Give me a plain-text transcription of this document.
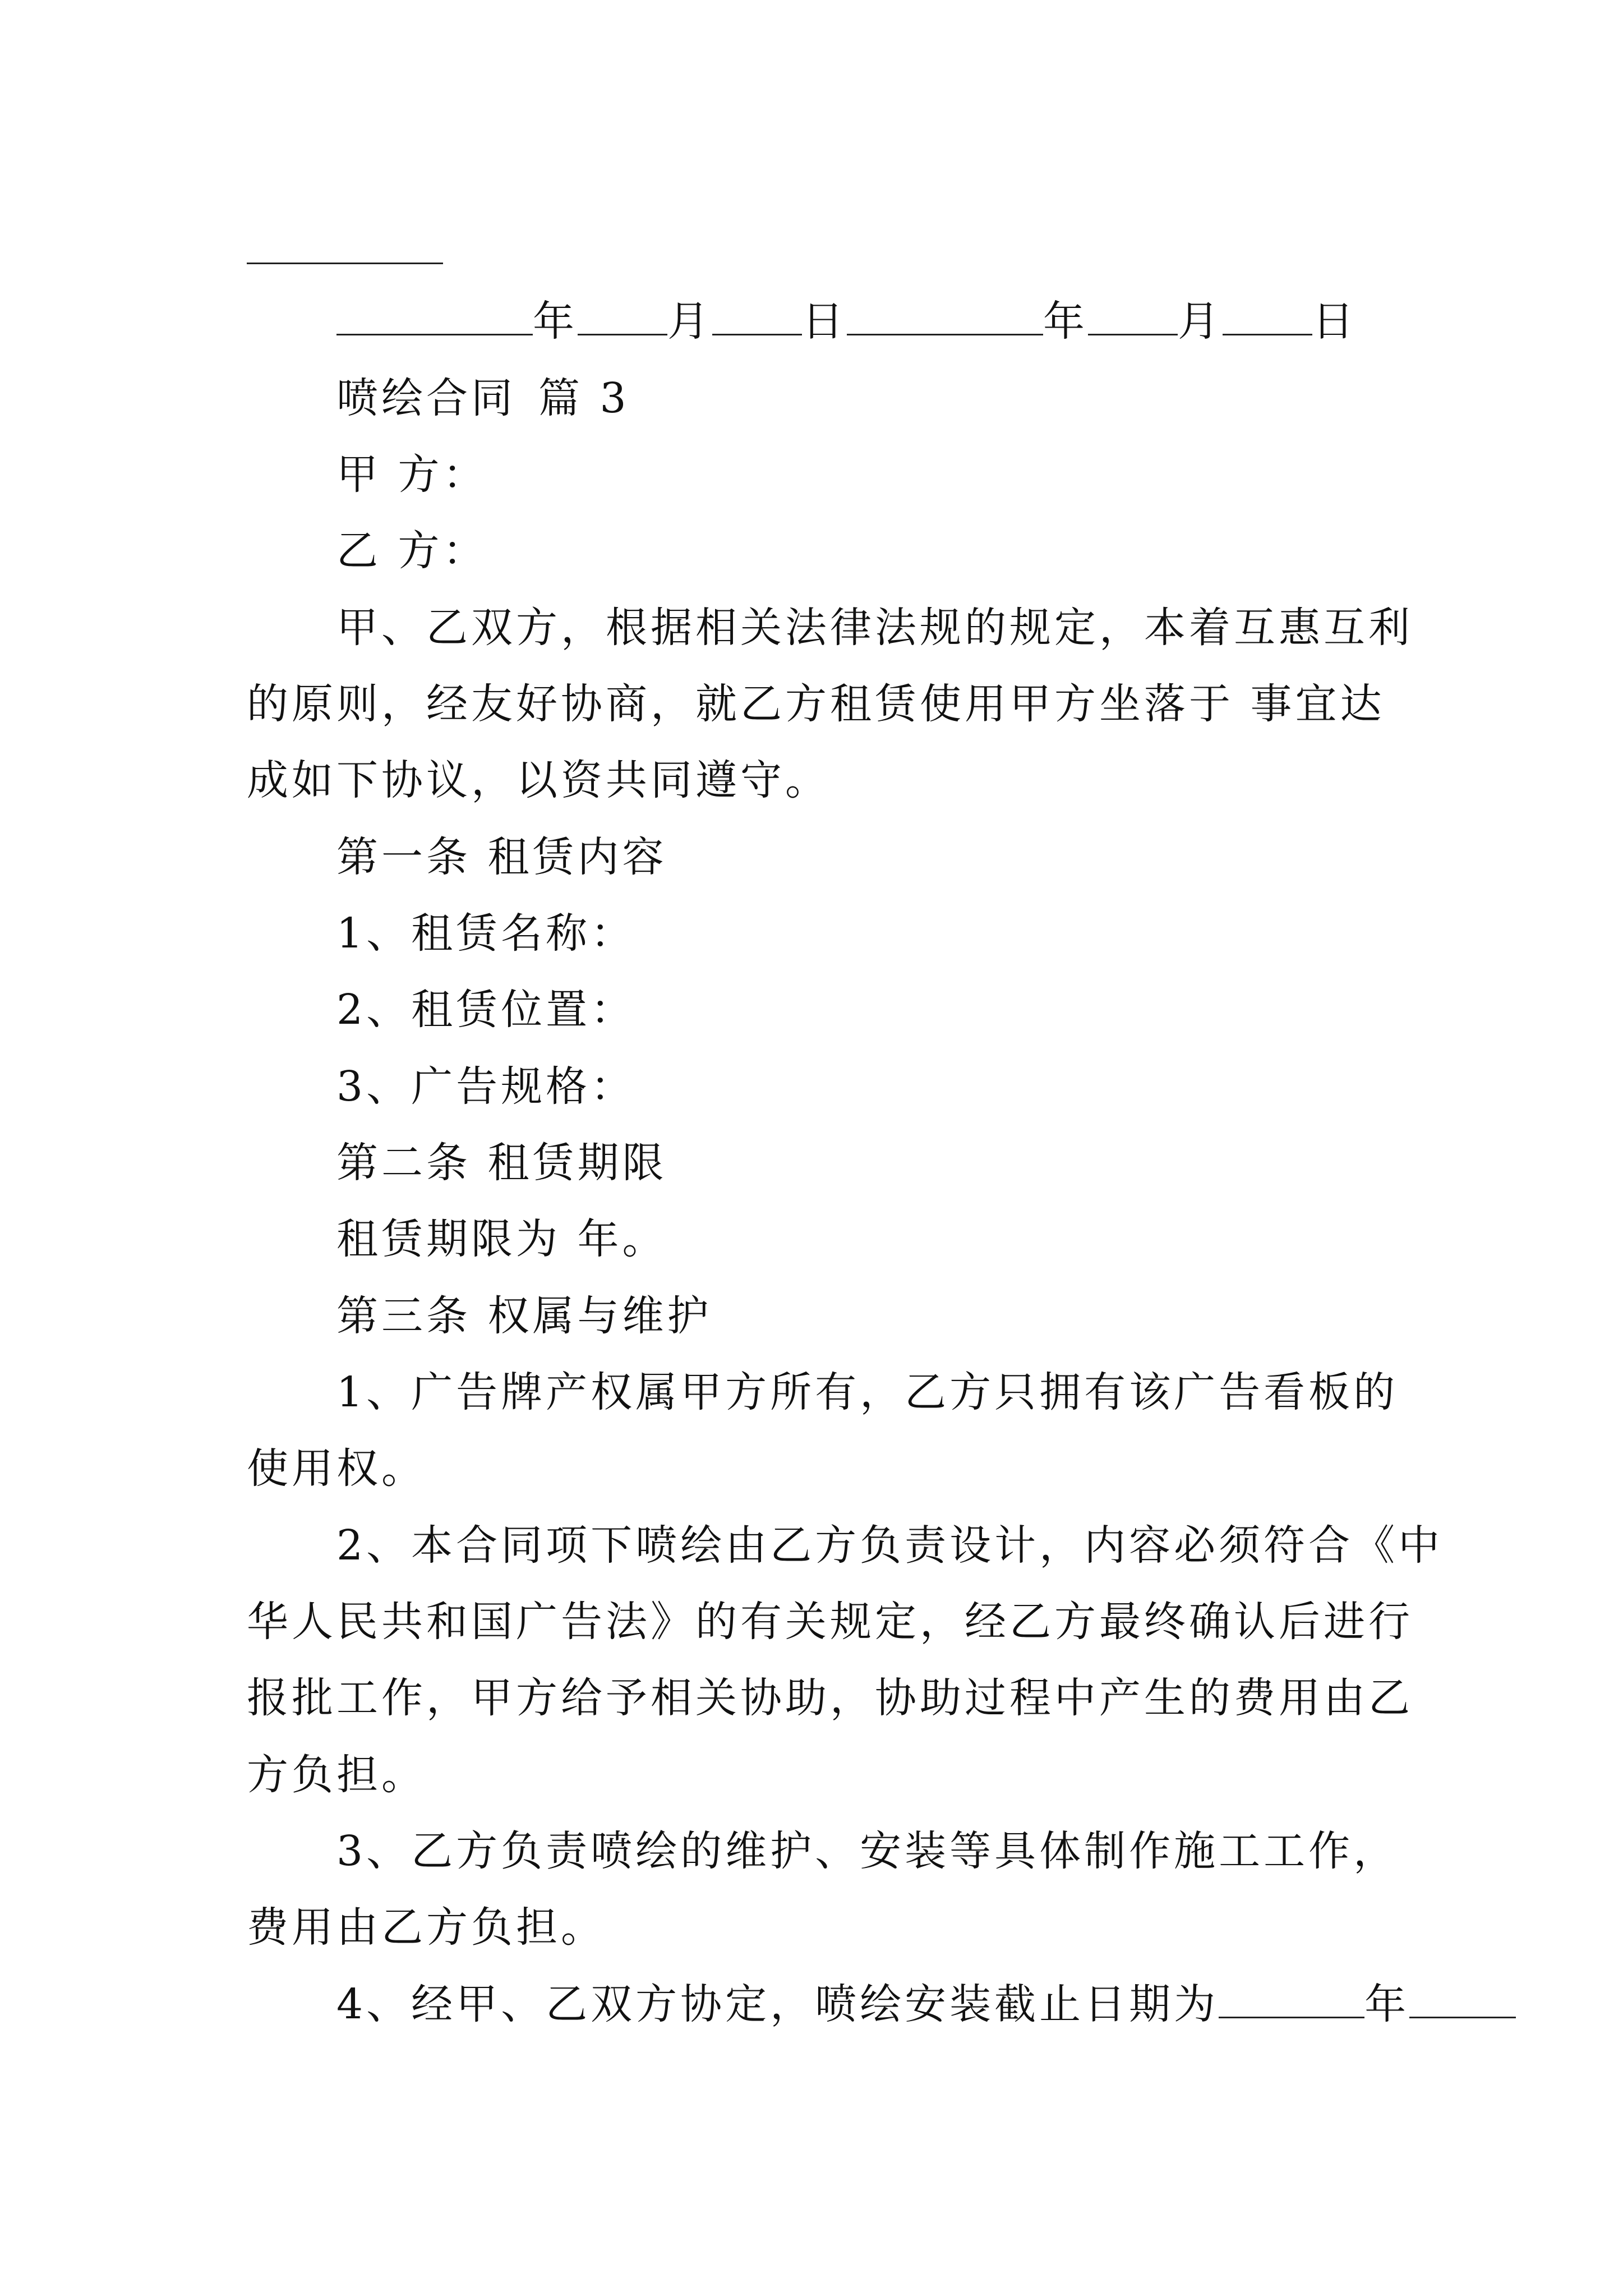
年 月 日	年 月 日
喷绘合同 篇 3
甲 方：
乙 方：
甲、乙双方，根据相关法律法规的规定，本着互惠互利
的原则，经友好协商，就乙方租赁使用甲方坐落于 事宜达
成如下协议，以资共同遵守。
第一条 租赁内容
1、租赁名称：
2、租赁位置：
3、广告规格：
第二条 租赁期限
租赁期限为 年。
第三条 权属与维护
1、广告牌产权属甲方所有，乙方只拥有该广告看板的
使用权。
2、本合同项下喷绘由乙方负责设计，内容必须符合《中
华人民共和国广告法》的有关规定，经乙方最终确认后进行
报批工作，甲方给予相关协助，协助过程中产生的费用由乙
方负担。
3、乙方负责喷绘的维护、安装等具体制作施工工作，
费用由乙方负担。
4、经甲、乙双方协定，喷绘安装截止日期为	年
